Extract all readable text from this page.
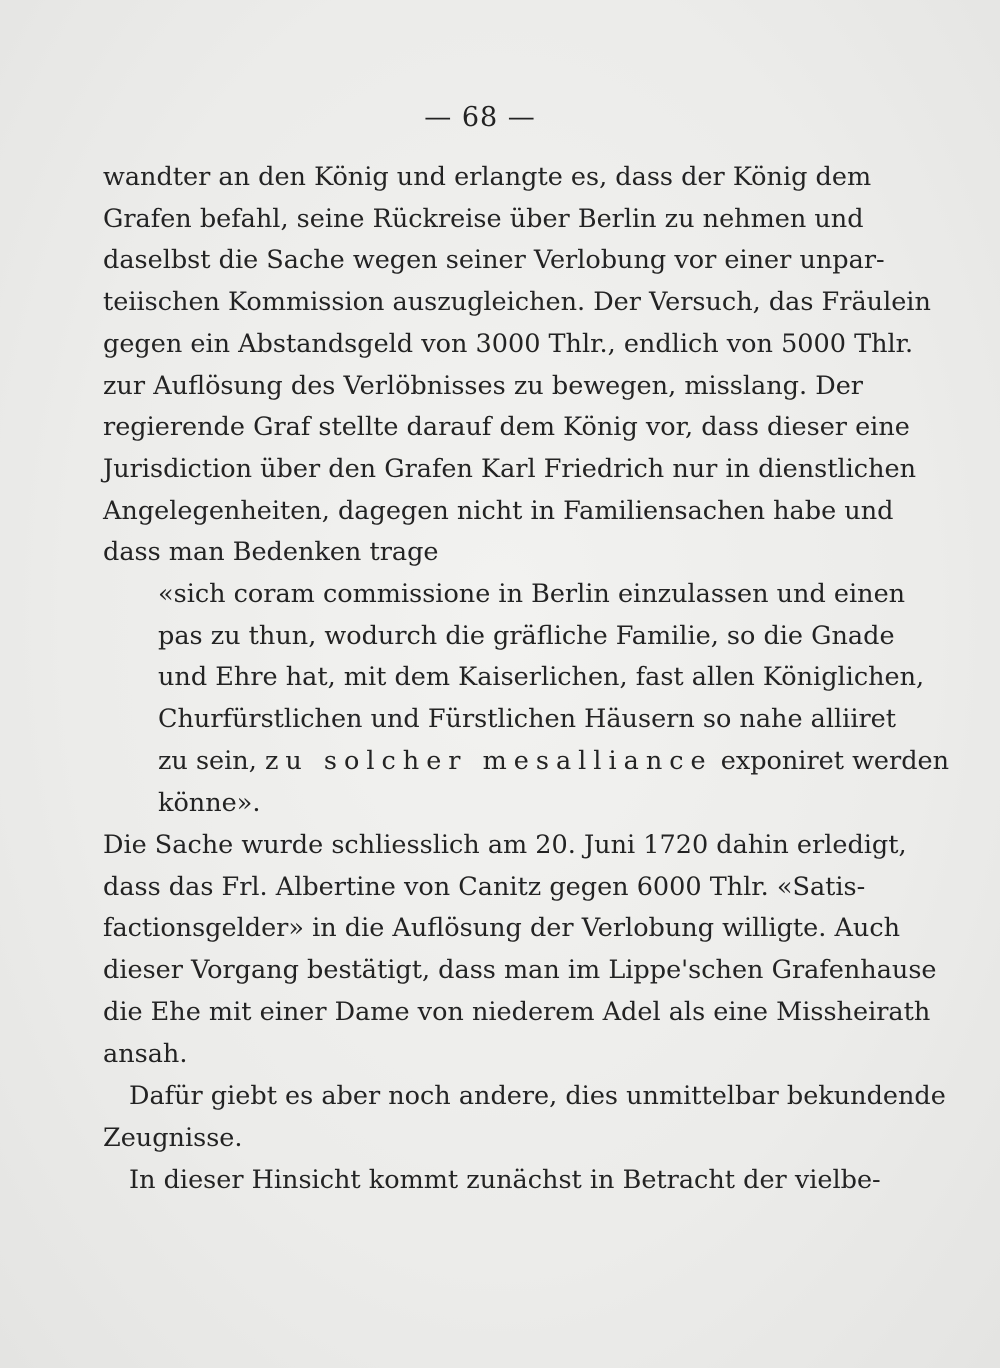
— 68 —
wandter an den König und erlangte es, dass der König dem
Grafen befahl, seine Rückreise über Berlin zu nehmen und
daselbst die Sache wegen seiner Verlobung vor einer unpar-
teiischen Kommission auszugleichen. Der Versuch, das Fräulein
gegen ein Abstandsgeld von 3000 Thlr., endlich von 5000 Thlr.
zur Auflösung des Verlöbnisses zu bewegen, misslang. Der
regierende Graf stellte darauf dem König vor, dass dieser eine
Jurisdiction über den Grafen Karl Friedrich nur in dienstlichen
Angelegenheiten, dagegen nicht in Familiensachen habe und
dass man Bedenken trage
«sich coram commissione in Berlin einzulassen und einen
pas zu thun, wodurch die gräfliche Familie, so die Gnade
und Ehre hat, mit dem Kaiserlichen, fast allen Königlichen,
Churfürstlichen und Fürstlichen Häusern so nahe alliiret
zu sein, zu solcher mesalliance exponiret werden
könne».
Die Sache wurde schliesslich am 20. Juni 1720 dahin erledigt,
dass das Frl. Albertine von Canitz gegen 6000 Thlr. «Satis-
factionsgelder» in die Auflösung der Verlobung willigte. Auch
dieser Vorgang bestätigt, dass man im Lippe'schen Grafenhause
die Ehe mit einer Dame von niederem Adel als eine Missheirath
ansah.
Dafür giebt es aber noch andere, dies unmittelbar bekundende
Zeugnisse.
In dieser Hinsicht kommt zunächst in Betracht der vielbe-
